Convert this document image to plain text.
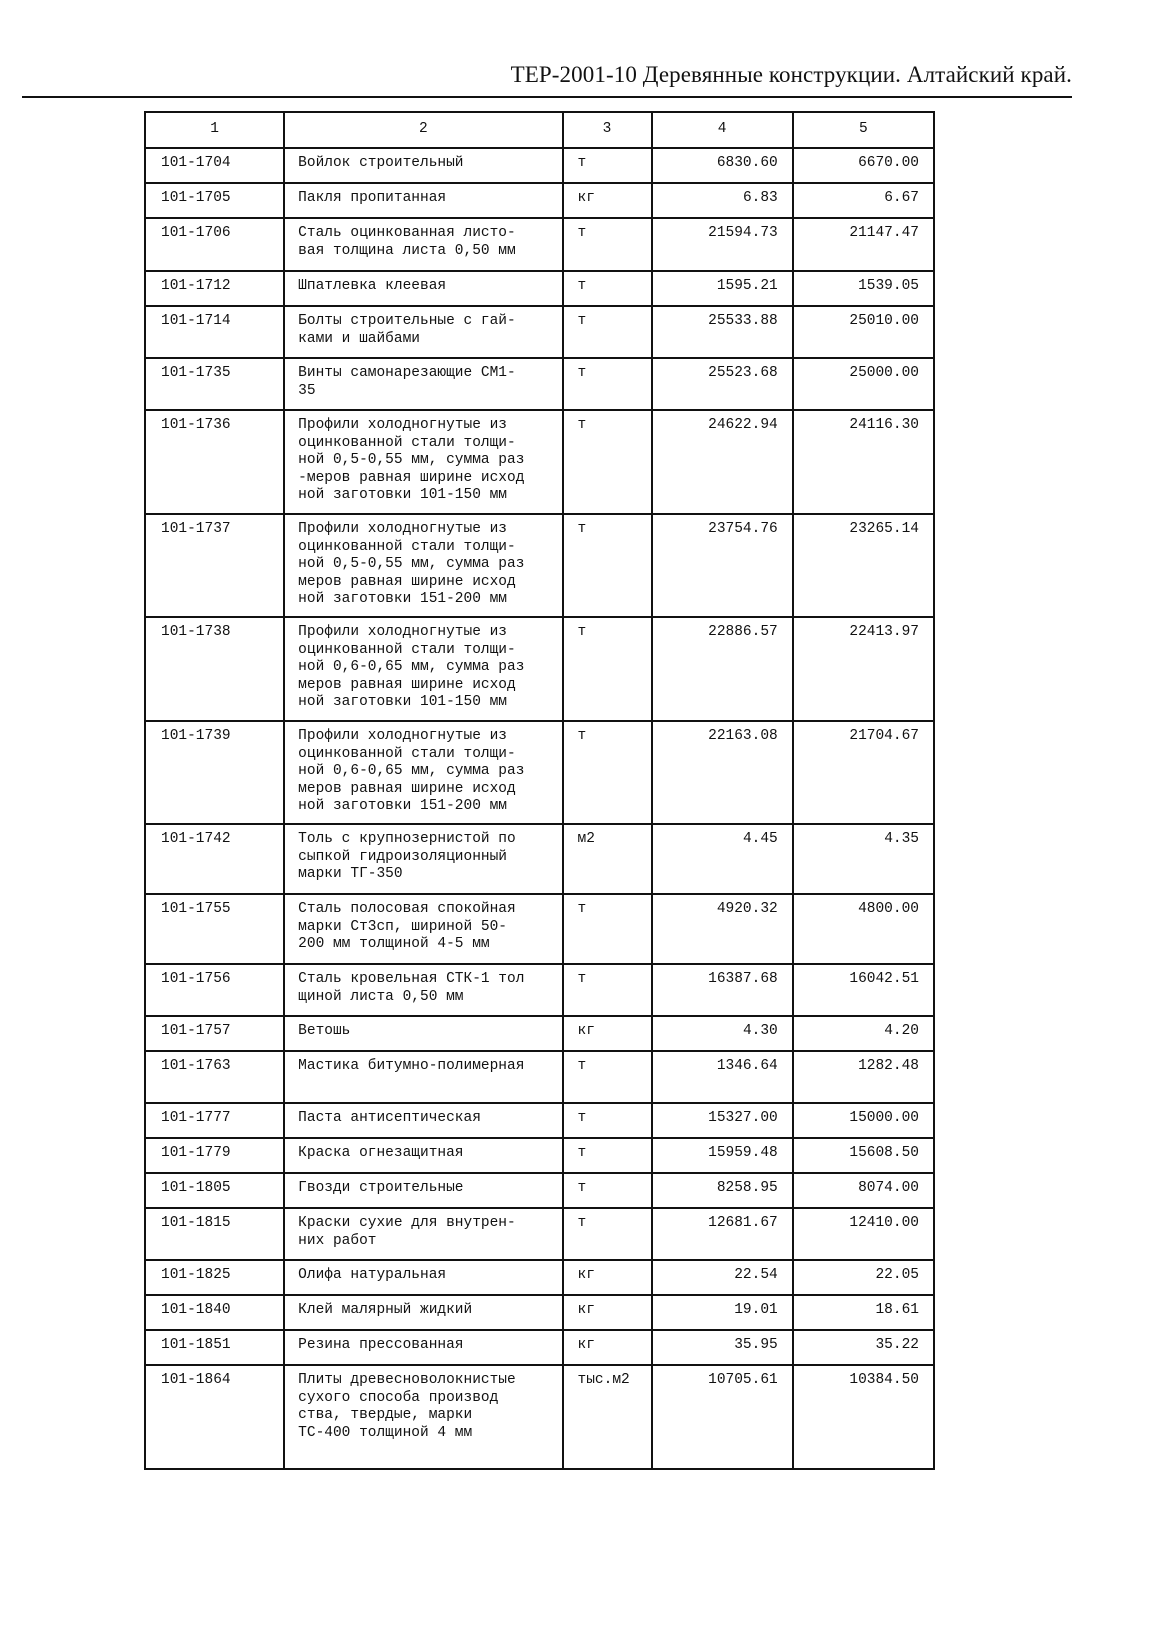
ТЕР-2001-10 Деревянные конструкции. Алтайский край.
1	2	3	4	5
101-1704	Войлок строительный	т	6830.60	6670.00
101-1705	Пакля пропитанная	кг	6.83	6.67
101-1706	Сталь оцинкованная листо-
вая толщина листа 0,50 мм	т	21594.73	21147.47
101-1712	Шпатлевка клеевая	т	1595.21	1539.05
101-1714	Болты строительные с гай-
ками и шайбами	т	25533.88	25010.00
101-1735	Винты самонарезающие СМ1-
35	т	25523.68	25000.00
101-1736	Профили холодногнутые из
оцинкованной стали толщи-
ной 0,5-0,55 мм, сумма раз
-меров равная ширине исход
ной заготовки 101-150 мм	т	24622.94	24116.30
101-1737	Профили холодногнутые из
оцинкованной стали толщи-
ной 0,5-0,55 мм, сумма раз
меров равная ширине исход
ной заготовки 151-200 мм	т	23754.76	23265.14
101-1738	Профили холодногнутые из
оцинкованной стали толщи-
ной 0,6-0,65 мм, сумма раз
меров равная ширине исход
ной заготовки 101-150 мм	т	22886.57	22413.97
101-1739	Профили холодногнутые из
оцинкованной стали толщи-
ной 0,6-0,65 мм, сумма раз
меров равная ширине исход
ной заготовки 151-200 мм	т	22163.08	21704.67
101-1742	Толь с крупнозернистой по
сыпкой гидроизоляционный
марки ТГ-350	м2	4.45	4.35
101-1755	Сталь полосовая спокойная
марки Ст3сп, шириной 50-
200 мм толщиной 4-5 мм	т	4920.32	4800.00
101-1756	Сталь кровельная СТК-1 тол
щиной листа 0,50 мм	т	16387.68	16042.51
101-1757	Ветошь	кг	4.30	4.20
101-1763	Мастика битумно-полимерная	т	1346.64	1282.48
101-1777	Паста антисептическая	т	15327.00	15000.00
101-1779	Краска огнезащитная	т	15959.48	15608.50
101-1805	Гвозди строительные	т	8258.95	8074.00
101-1815	Краски сухие для внутрен-
них работ	т	12681.67	12410.00
101-1825	Олифа натуральная	кг	22.54	22.05
101-1840	Клей малярный жидкий	кг	19.01	18.61
101-1851	Резина прессованная	кг	35.95	35.22
101-1864	Плиты древесноволокнистые
сухого способа производ
ства, твердые, марки
ТС-400 толщиной 4 мм	тыс.м2	10705.61	10384.50
